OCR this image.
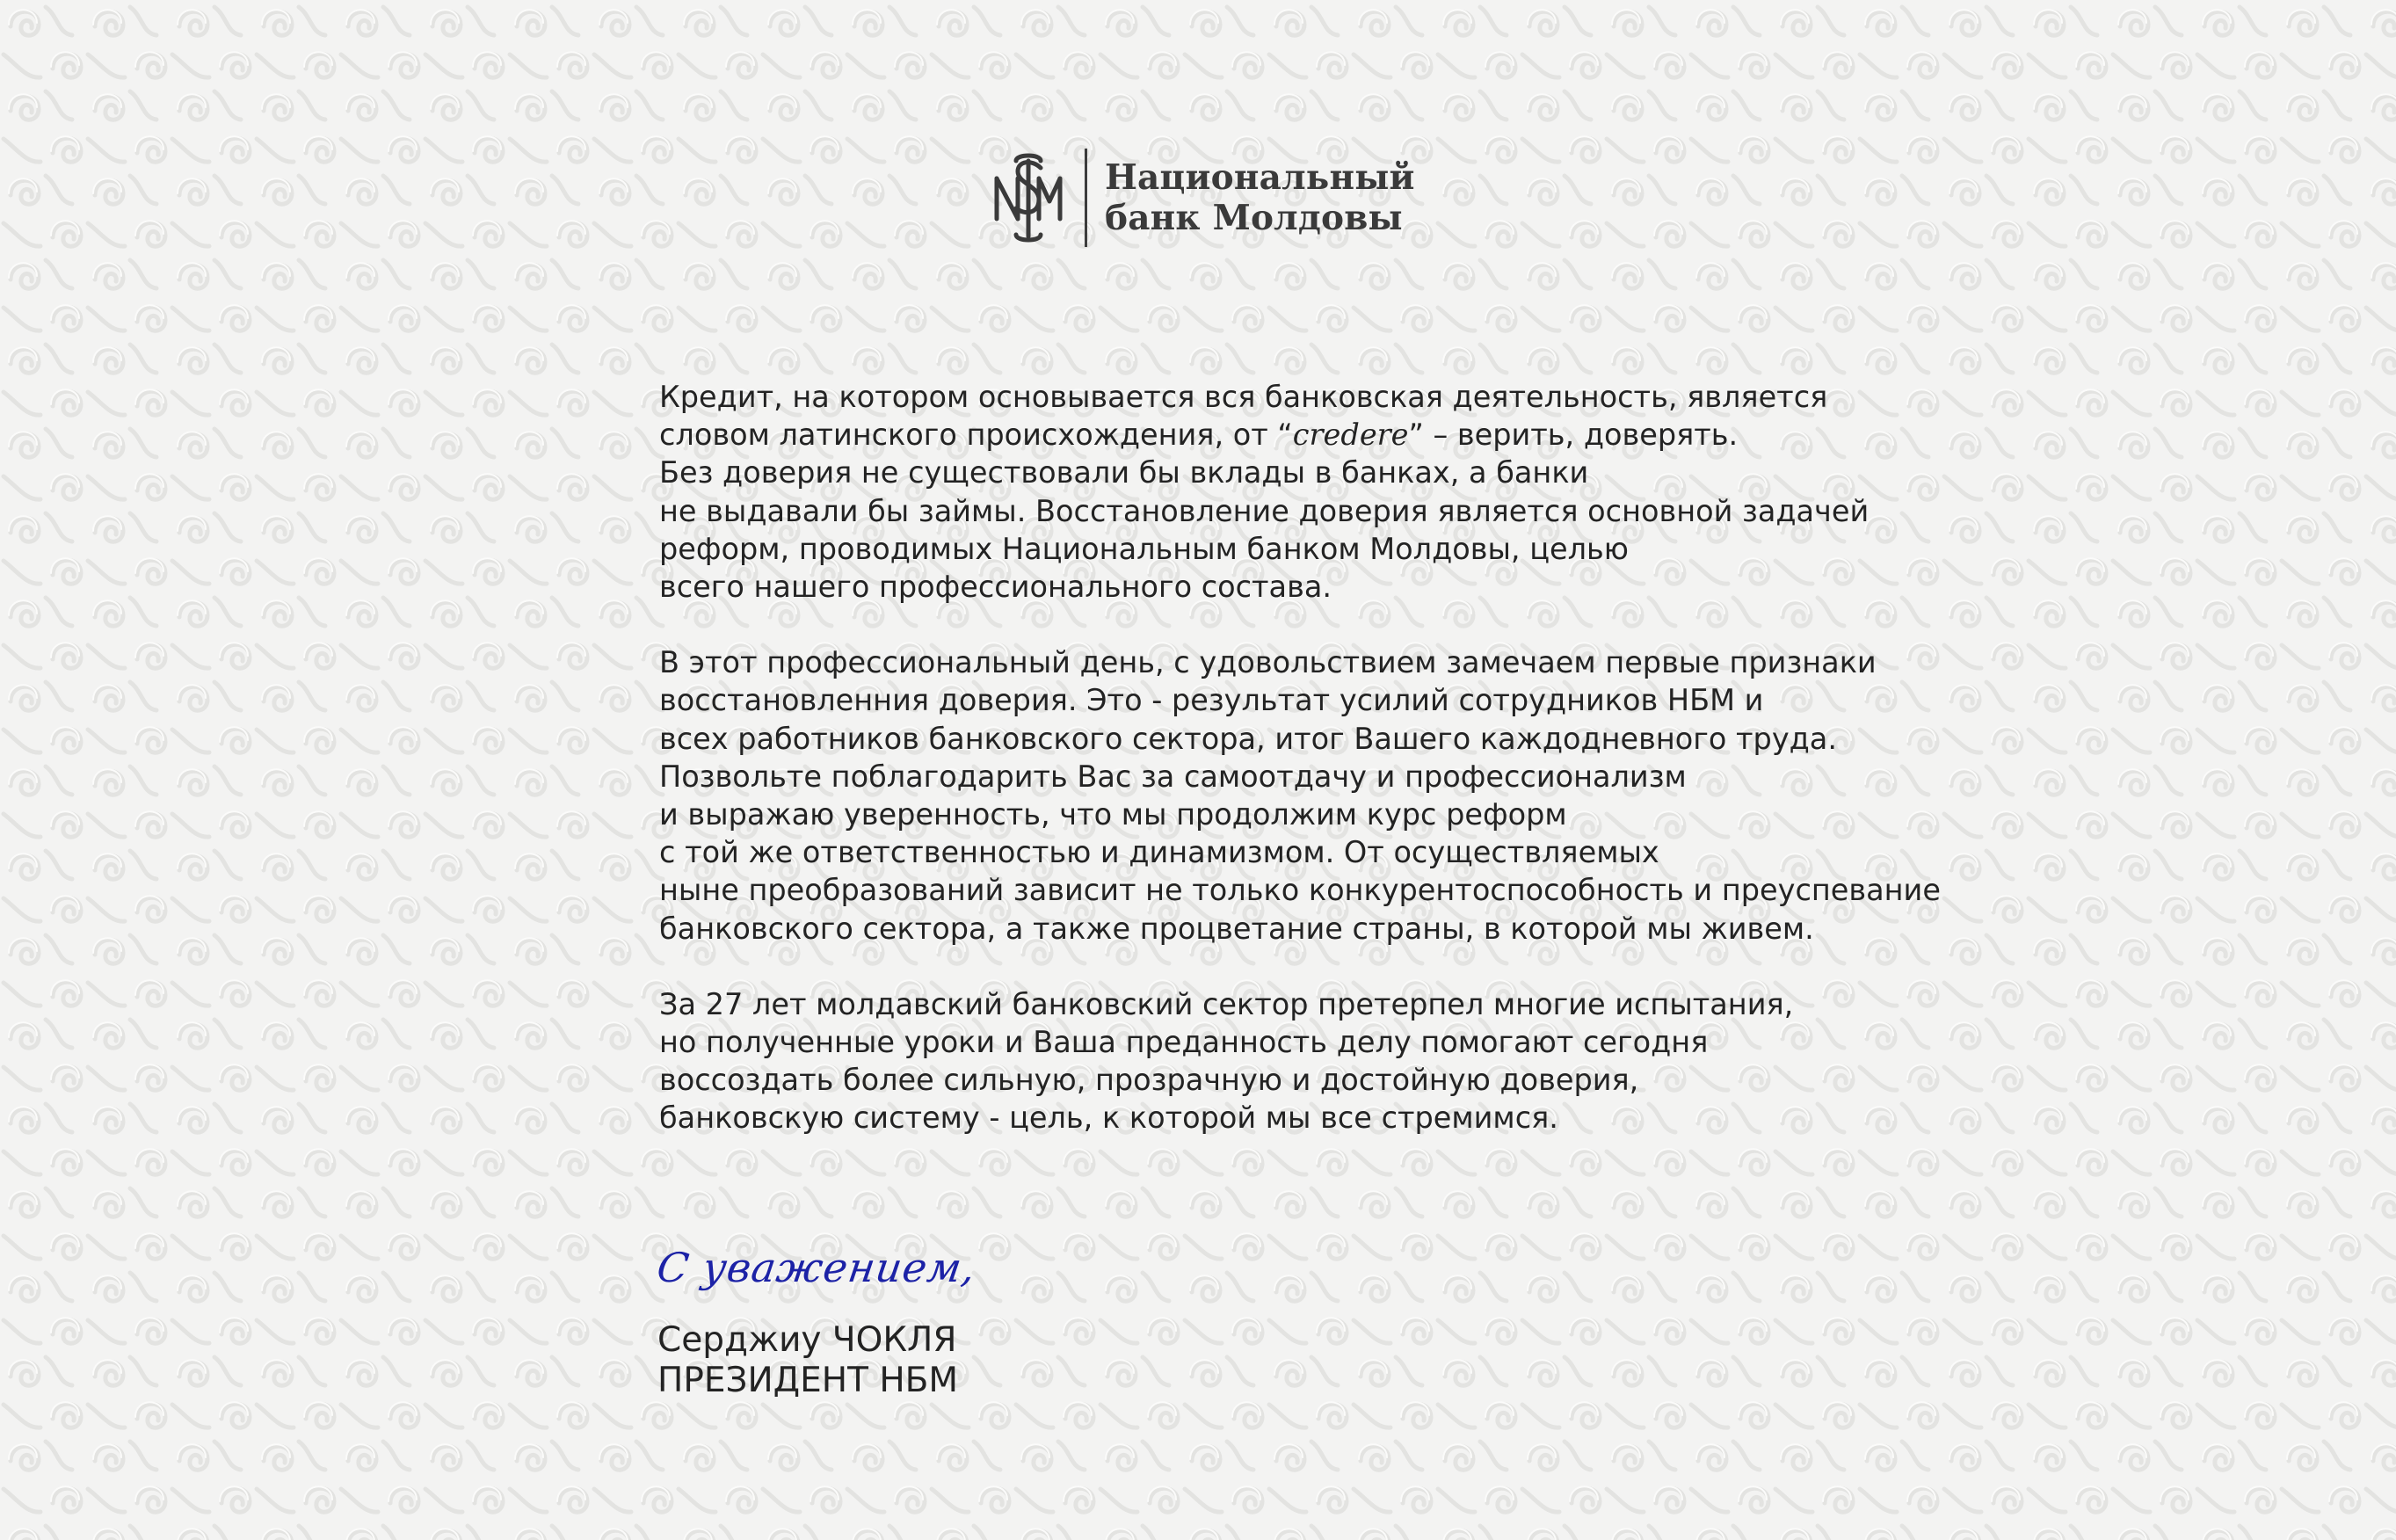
Национальный
банк Молдовы
Кредит, на котором основывается вся банковская деятельность, является
словом латинского происхождения, от “credere” – верить, доверять.
Без доверия не существовали бы вклады в банках, а банки
не выдавали бы займы. Восстановление доверия является основной задачей
реформ, проводимых Национальным банком Молдовы, целью
всего нашего профессионального состава.
В этот профессиональный день, с удовольствием замечаем первые признаки
восстановленния доверия. Это - результат усилий сотрудников НБМ и
всех работников банковского сектора, итог Вашего каждодневного труда.
Позвольте поблагодарить Вас за самоотдачу и профессионализм
и выражаю уверенность, что мы продолжим курс реформ
с той же ответственностью и динамизмом. От осуществляемых
ныне преобразований зависит не только конкурентоспособность и преуспевание
банковского сектора, а также процветание страны, в которой мы живем.
За 27 лет молдавский банковский сектор претерпел многие испытания,
но полученные уроки и Ваша преданность делу помогают сегодня
воссоздать более сильную, прозрачную и достойную доверия,
банковскую систему - цель, к которой мы все стремимся.
С уважением,
Серджиу ЧОКЛЯ
ПРЕЗИДЕНТ НБМ
